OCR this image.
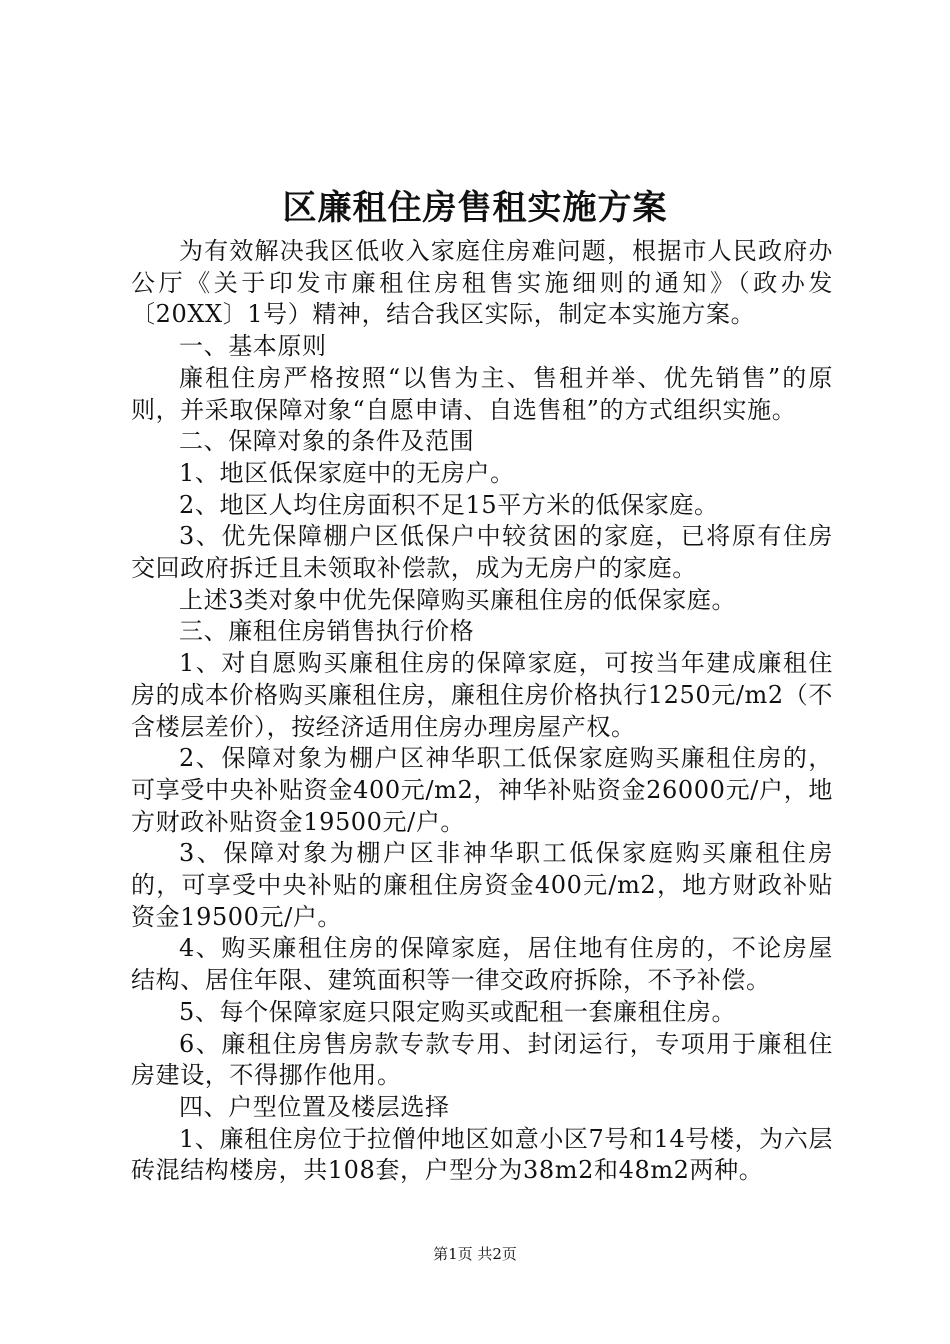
区廉租住房售租实施方案

为有效解决我区低收入家庭住房难问题，根据市人民政府办公厅《关于印发市廉租住房租售实施细则的通知》（政办发〔20XX〕1号）精神，结合我区实际，制定本实施方案。

一、基本原则

廉租住房严格按照“以售为主、售租并举、优先销售”的原则，并采取保障对象“自愿申请、自选售租”的方式组织实施。

二、保障对象的条件及范围

1、地区低保家庭中的无房户。

2、地区人均住房面积不足15平方米的低保家庭。

3、优先保障棚户区低保户中较贫困的家庭，已将原有住房交回政府拆迁且未领取补偿款，成为无房户的家庭。

上述3类对象中优先保障购买廉租住房的低保家庭。

三、廉租住房销售执行价格

1、对自愿购买廉租住房的保障家庭，可按当年建成廉租住房的成本价格购买廉租住房，廉租住房价格执行1250元/m2（不含楼层差价），按经济适用住房办理房屋产权。

2、保障对象为棚户区神华职工低保家庭购买廉租住房的，可享受中央补贴资金400元/m2，神华补贴资金26000元/户，地方财政补贴资金19500元/户。

3、保障对象为棚户区非神华职工低保家庭购买廉租住房的，可享受中央补贴的廉租住房资金400元/m2，地方财政补贴资金19500元/户。

4、购买廉租住房的保障家庭，居住地有住房的，不论房屋结构、居住年限、建筑面积等一律交政府拆除，不予补偿。

5、每个保障家庭只限定购买或配租一套廉租住房。

6、廉租住房售房款专款专用、封闭运行，专项用于廉租住房建设，不得挪作他用。

四、户型位置及楼层选择

1、廉租住房位于拉僧仲地区如意小区7号和14号楼，为六层砖混结构楼房，共108套，户型分为38m2和48m2两种。

第1页 共2页
